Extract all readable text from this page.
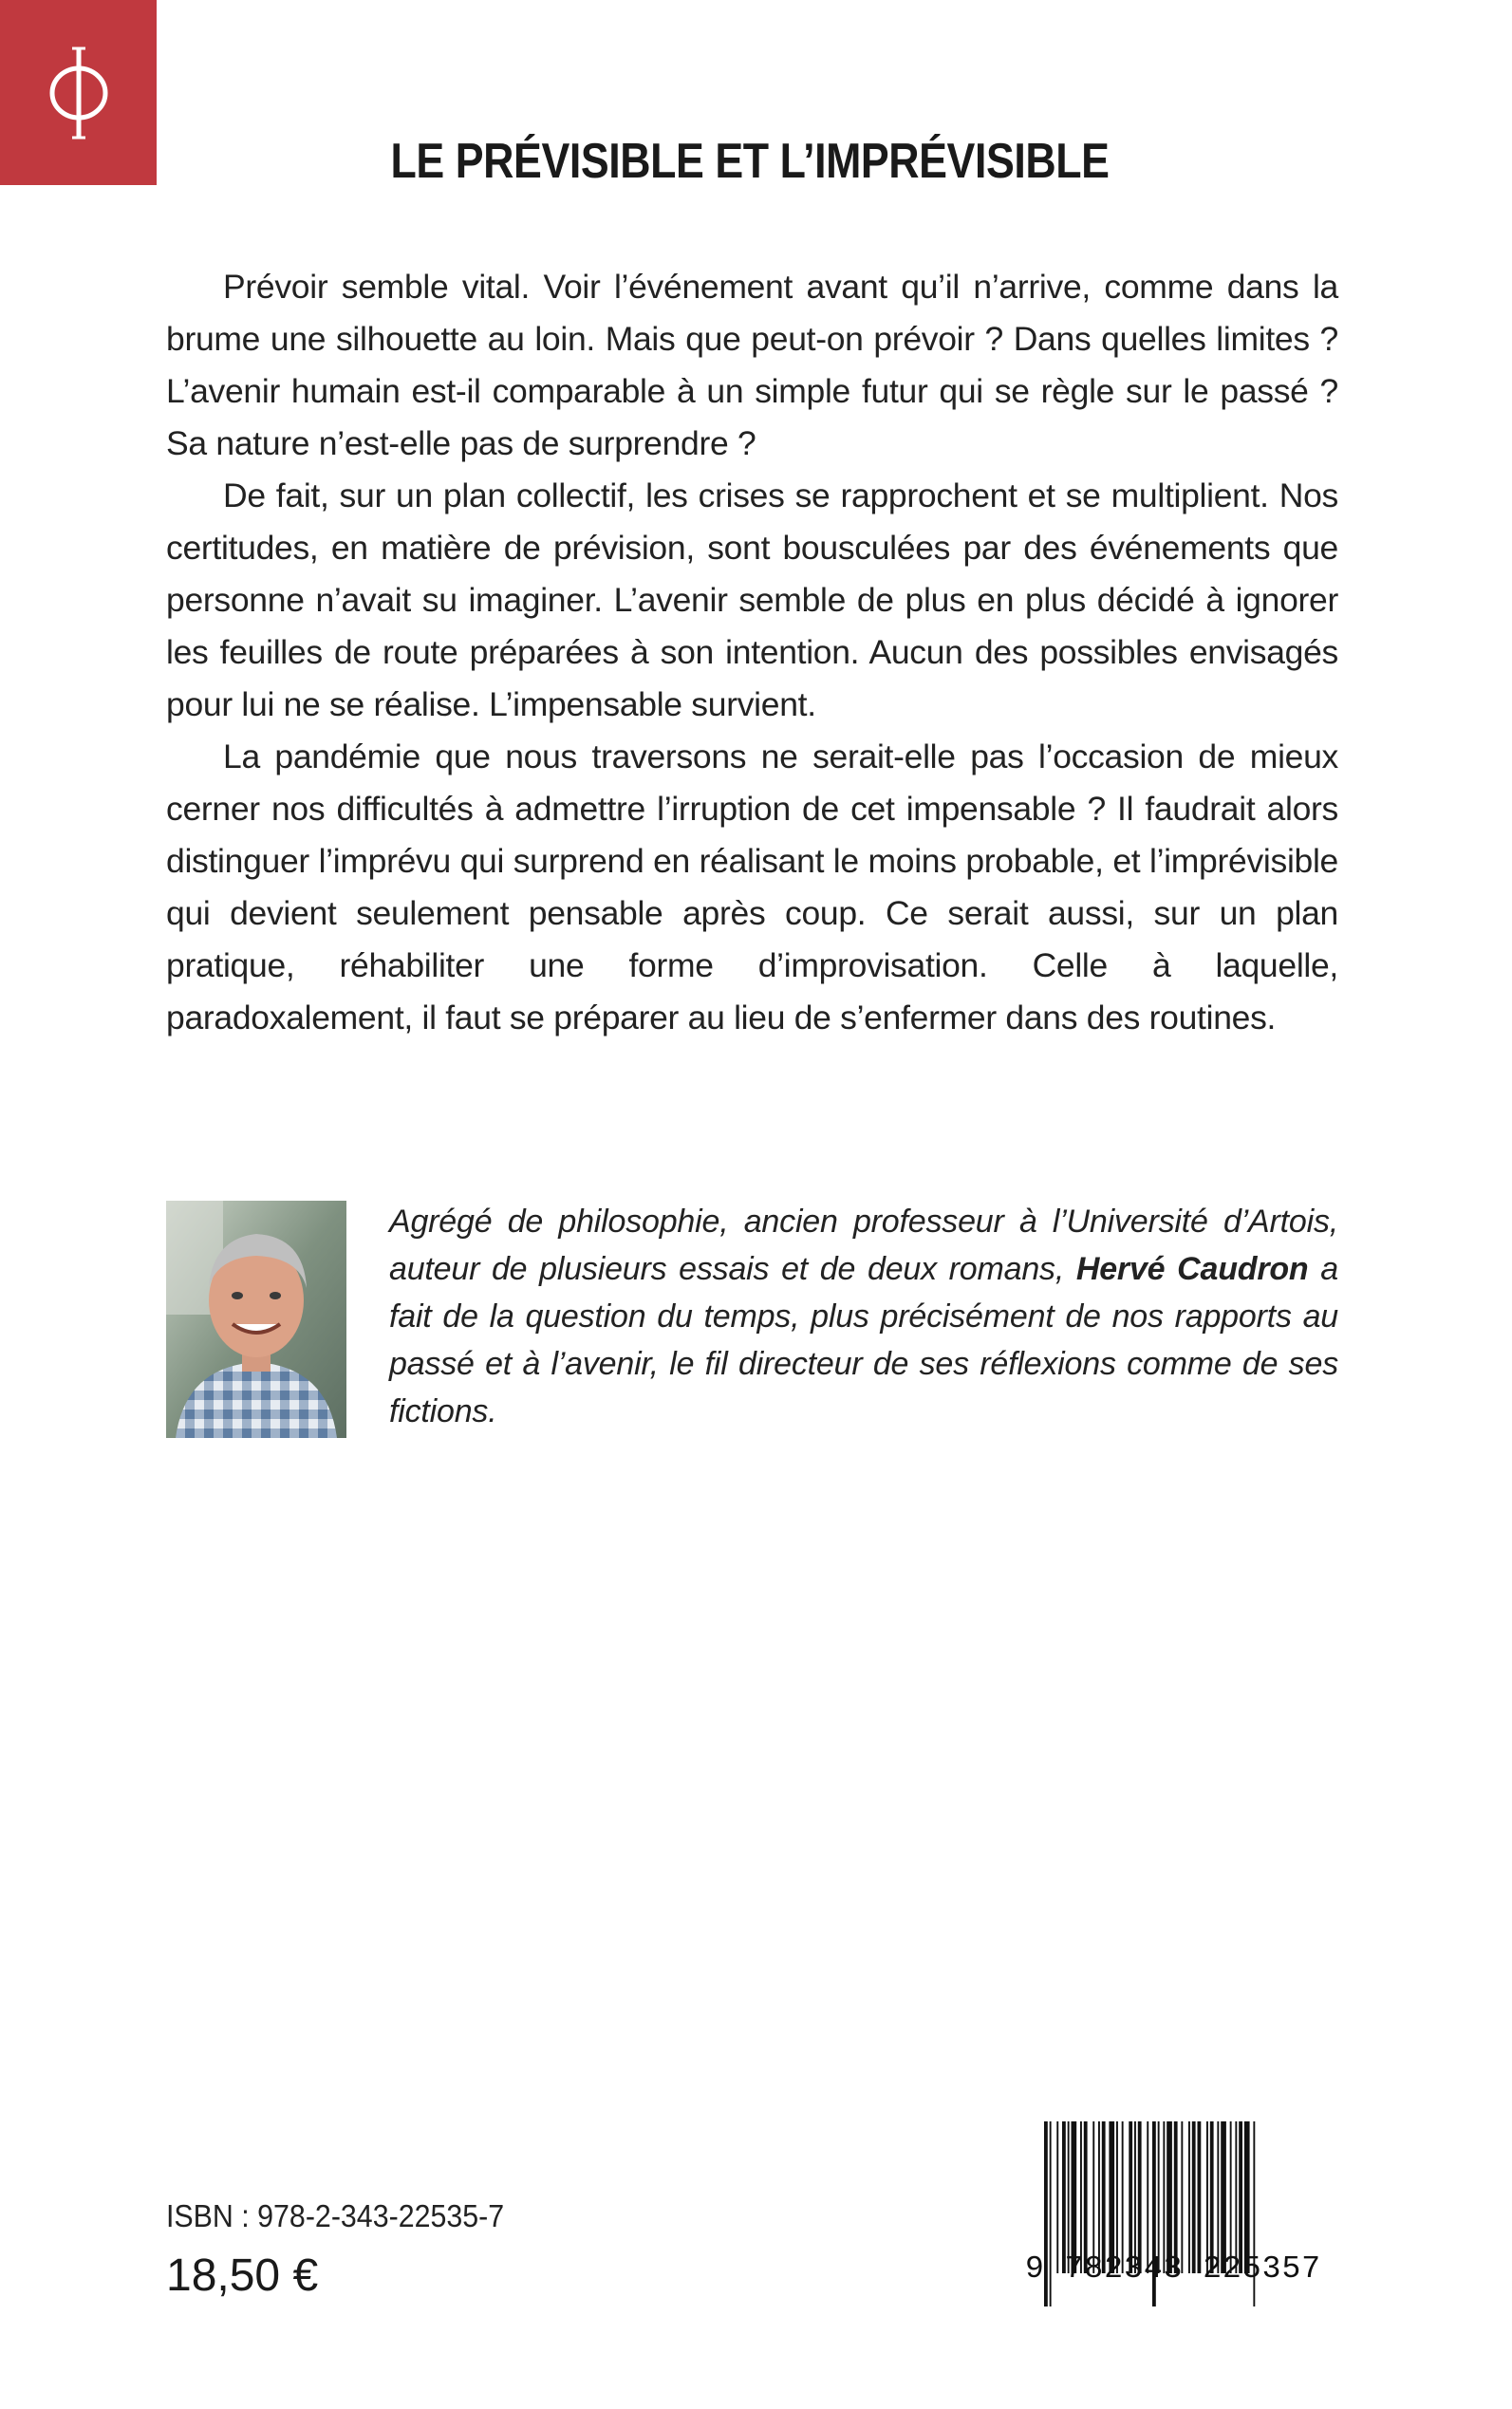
LE PRÉVISIBLE ET L’IMPRÉVISIBLE

Prévoir semble vital. Voir l’événement avant qu’il n’arrive, comme dans la brume une silhouette au loin. Mais que peut-on prévoir ? Dans quelles limites ? L’avenir humain est-il comparable à un simple futur qui se règle sur le passé ? Sa nature n’est-elle pas de surprendre ?

De fait, sur un plan collectif, les crises se rapprochent et se multiplient. Nos certitudes, en matière de prévision, sont bousculées par des événements que personne n’avait su imaginer. L’avenir semble de plus en plus décidé à ignorer les feuilles de route préparées à son intention. Aucun des possibles envisagés pour lui ne se réalise. L’impensable survient.

La pandémie que nous traversons ne serait-elle pas l’occasion de mieux cerner nos difficultés à admettre l’irruption de cet impensable ? Il faudrait alors distinguer l’imprévu qui surprend en réalisant le moins probable, et l’imprévisible qui devient seulement pensable après coup. Ce serait aussi, sur un plan pratique, réhabiliter une forme d’improvisation. Celle à laquelle, paradoxalement, il faut se préparer au lieu de s’enfermer dans des routines.

Agrégé de philosophie, ancien professeur à l’Université d’Artois, auteur de plusieurs essais et de deux romans, Hervé Caudron a fait de la question du temps, plus précisément de nos rapports au passé et à l’avenir, le fil directeur de ses réflexions comme de ses fictions.
ISBN : 978-2-343-22535-7
18,50 €	9 782343 225357
